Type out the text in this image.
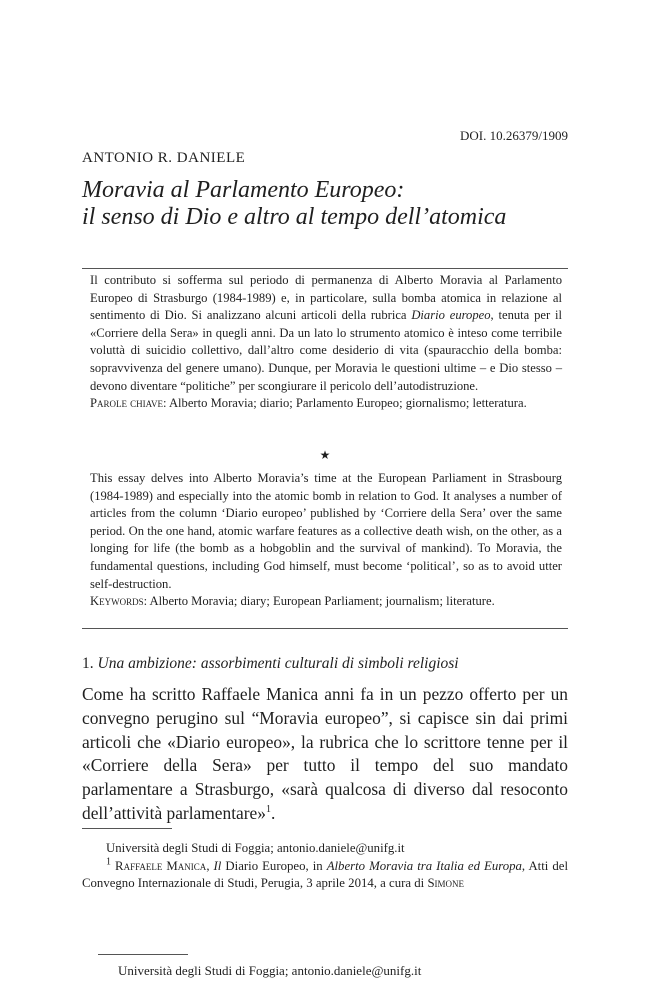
DOI. 10.26379/1909
ANTONIO R. DANIELE
Moravia al Parlamento Europeo:
il senso di Dio e altro al tempo dell’atomica

Il contributo si sofferma sul periodo di permanenza di Alberto Moravia al Parlamento Europeo di Strasburgo (1984-1989) e, in particolare, sulla bomba atomica in relazione al sentimento di Dio. Si analizzano alcuni articoli della rubrica Diario europeo, tenuta per il «Corriere della Sera» in quegli anni. Da un lato lo strumento atomico è inteso come terribile voluttà di suicidio collettivo, dall’altro come desiderio di vita (spauracchio della bomba: sopravvivenza del genere umano). Dunque, per Moravia le questioni ultime – e Dio stesso – devono diventare “politiche” per scongiurare il pericolo dell’autodistruzione.

Parole chiave: Alberto Moravia; diario; Parlamento Europeo; giornalismo; letteratura.

★

This essay delves into Alberto Moravia’s time at the European Parliament in Strasbourg (1984-1989) and especially into the atomic bomb in relation to God. It analyses a number of articles from the column ‘Diario europeo’ published by ‘Corriere della Sera’ over the same period. On the one hand, atomic warfare features as a collective death wish, on the other, as a longing for life (the bomb as a hobgoblin and the survival of mankind). To Moravia, the fundamental questions, including God himself, must become ‘political’, so as to avoid utter self-destruction.

Keywords: Alberto Moravia; diary; European Parliament; journalism; literature.

1. Una ambizione: assorbimenti culturali di simboli religiosi

Come ha scritto Raffaele Manica anni fa in un pezzo offerto per un convegno perugino sul “Moravia europeo”, si capisce sin dai primi articoli che «Diario europeo», la rubrica che lo scrittore tenne per il «Corriere della Sera» per tutto il tempo del suo mandato parlamentare a Strasburgo, «sarà qualcosa di diverso dal resoconto dell’attività parlamentare»$^1$.

Università degli Studi di Foggia; antonio.daniele@unifg.it

$^1$ Raffaele Manica, Il Diario Europeo, in Alberto Moravia tra Italia ed Europa, Atti del Convegno Internazionale di Studi, Perugia, 3 aprile 2014, a cura di Simone

Università degli Studi di Foggia; antonio.daniele@unifg.it
